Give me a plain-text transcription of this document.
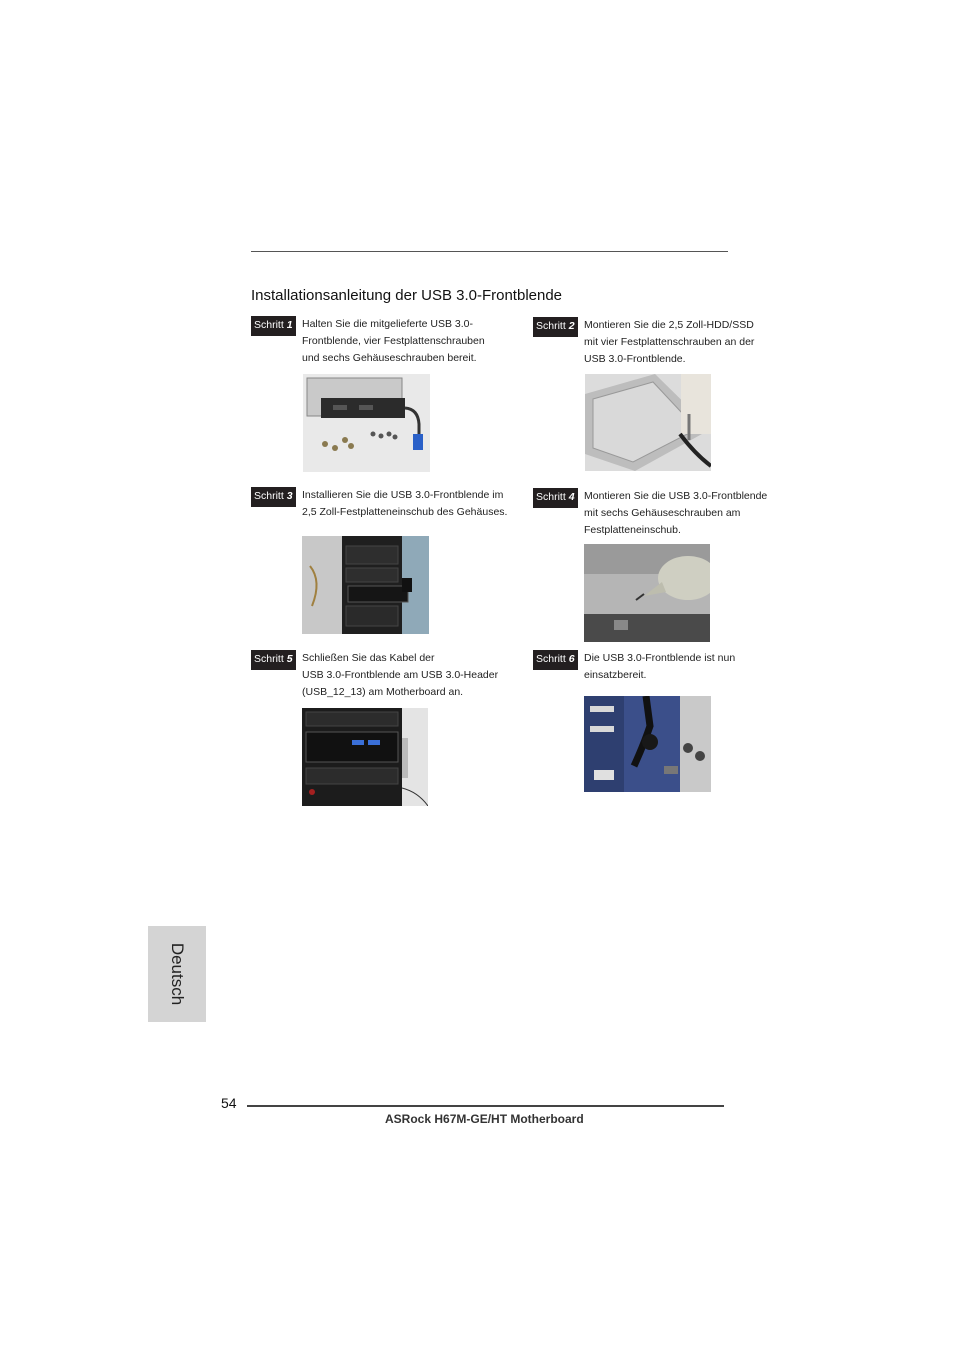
Installationsanleitung der USB 3.0-Frontblende
Schritt 1 Halten Sie die mitgelieferte USB 3.0-
Frontblende, vier Festplattenschrauben
und sechs Gehäuseschrauben bereit.
Schritt 2 Montieren Sie die 2,5 Zoll-HDD/SSD
mit vier Festplattenschrauben an der
USB 3.0-Frontblende.
Schritt 3 Installieren Sie die USB 3.0-Frontblende im
2,5 Zoll-Festplatteneinschub des Gehäuses.
Schritt 4 Montieren Sie die USB 3.0-Frontblende
mit sechs Gehäuseschrauben am
Festplatteneinschub.
Schritt 5 Schließen Sie das Kabel der
USB 3.0-Frontblende am USB 3.0-Header
(USB_12_13) am Motherboard an.
Schritt 6 Die USB 3.0-Frontblende ist nun
einsatzbereit.
Deutsch
54
ASRock H67M-GE/HT Motherboard
